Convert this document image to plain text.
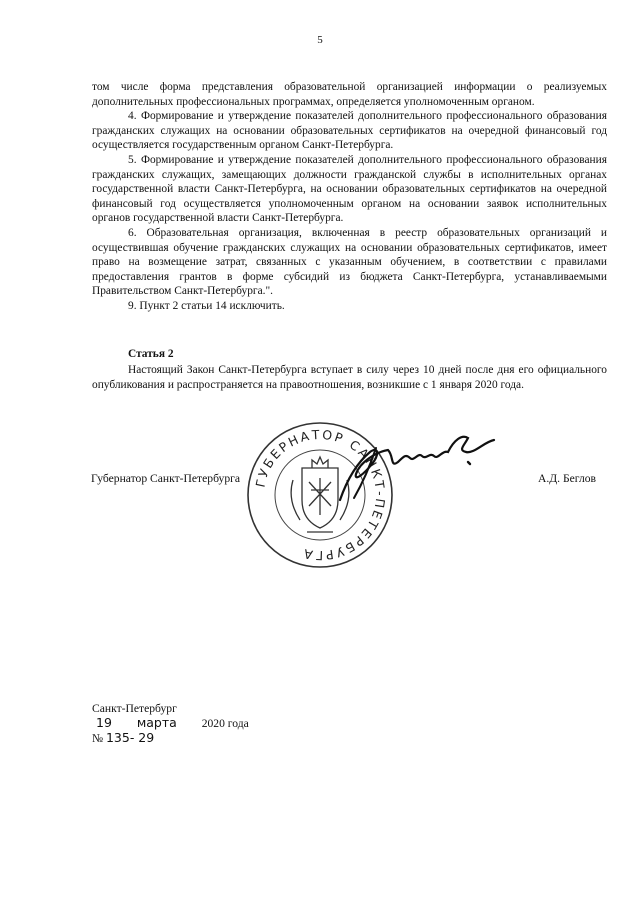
5

том числе форма представления образовательной организацией информации о реализуемых дополнительных профессиональных программах, определяется уполномоченным органом.

4. Формирование и утверждение показателей дополнительного профессионального образования гражданских служащих на основании образовательных сертификатов на очередной финансовый год осуществляется государственным органом Санкт-Петербурга.

5. Формирование и утверждение показателей дополнительного профессионального образования гражданских служащих, замещающих должности гражданской службы в исполнительных органах государственной власти Санкт-Петербурга, на основании образовательных сертификатов на очередной финансовый год осуществляется уполномоченным органом на основании заявок исполнительных органов государственной власти Санкт-Петербурга.

6. Образовательная организация, включенная в реестр образовательных организаций и осуществившая обучение гражданских служащих на основании образовательных сертификатов, имеет право на возмещение затрат, связанных с указанным обучением, в соответствии с правилами предоставления грантов в форме субсидий из бюджета Санкт-Петербурга, устанавливаемыми Правительством Санкт-Петербурга.".

9. Пункт 2 статьи 14 исключить.

Статья 2
Настоящий Закон Санкт-Петербурга вступает в силу через 10 дней после дня его официального опубликования и распространяется на правоотношения, возникшие с 1 января 2020 года.
ГУБЕРНАТОР САНКТ-ПЕТЕРБУРГА
Губернатор Санкт-Петербурга	А.Д. Беглов
Санкт-Петербург
19 марта 2020 года
№ 135- 29
